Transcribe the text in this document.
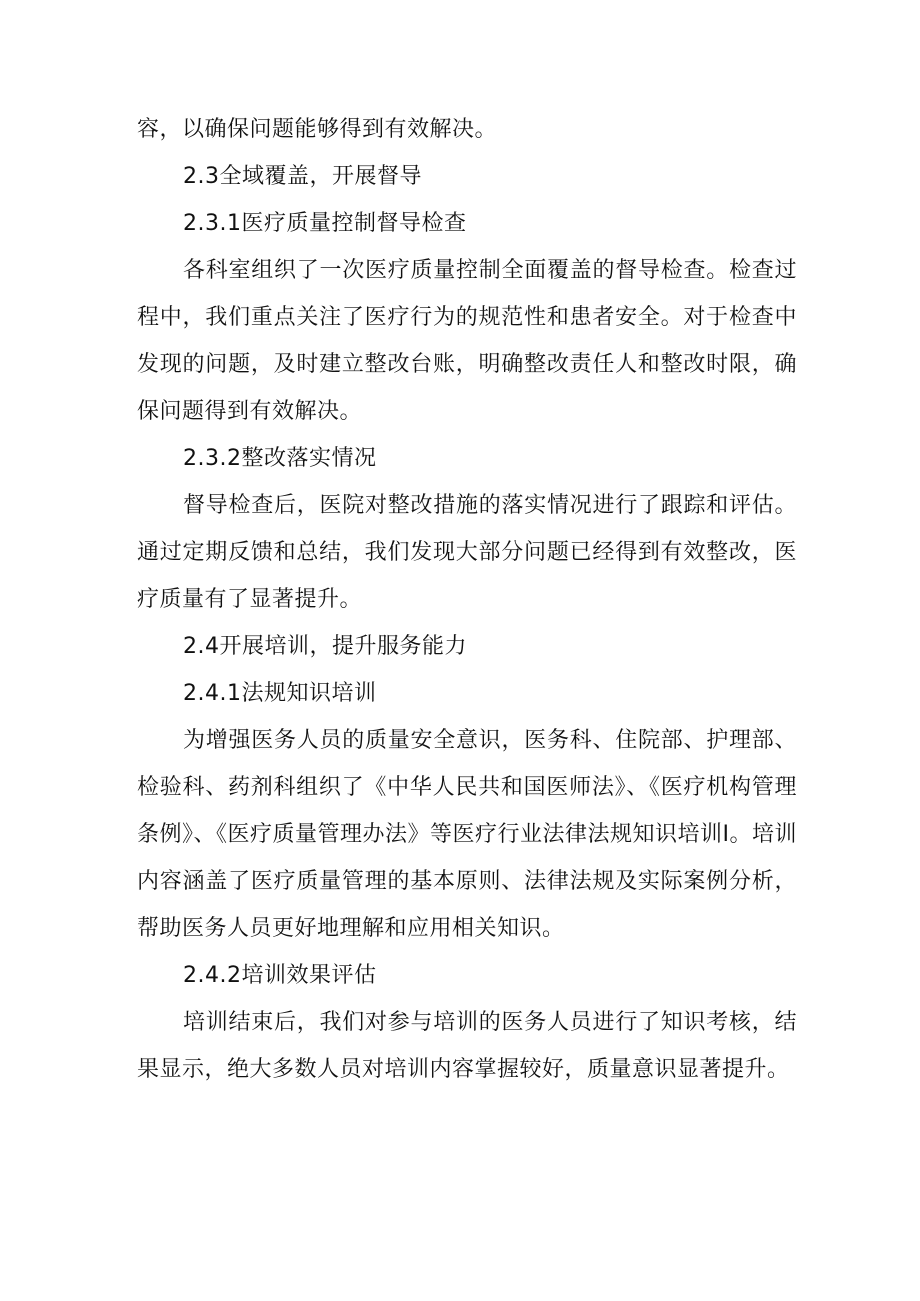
容，以确保问题能够得到有效解决。

2.3全域覆盖，开展督导

2.3.1医疗质量控制督导检查

各科室组织了一次医疗质量控制全面覆盖的督导检查。检查过程中，我们重点关注了医疗行为的规范性和患者安全。对于检查中发现的问题，及时建立整改台账，明确整改责任人和整改时限，确保问题得到有效解决。

2.3.2整改落实情况

督导检查后，医院对整改措施的落实情况进行了跟踪和评估。通过定期反馈和总结，我们发现大部分问题已经得到有效整改，医疗质量有了显著提升。

2.4开展培训，提升服务能力

2.4.1法规知识培训

为增强医务人员的质量安全意识，医务科、住院部、护理部、检验科、药剂科组织了《中华人民共和国医师法》、《医疗机构管理条例》、《医疗质量管理办法》等医疗行业法律法规知识培训I。培训内容涵盖了医疗质量管理的基本原则、法律法规及实际案例分析，帮助医务人员更好地理解和应用相关知识。

2.4.2培训效果评估

培训结束后，我们对参与培训的医务人员进行了知识考核，结果显示，绝大多数人员对培训内容掌握较好，质量意识显著提升。
